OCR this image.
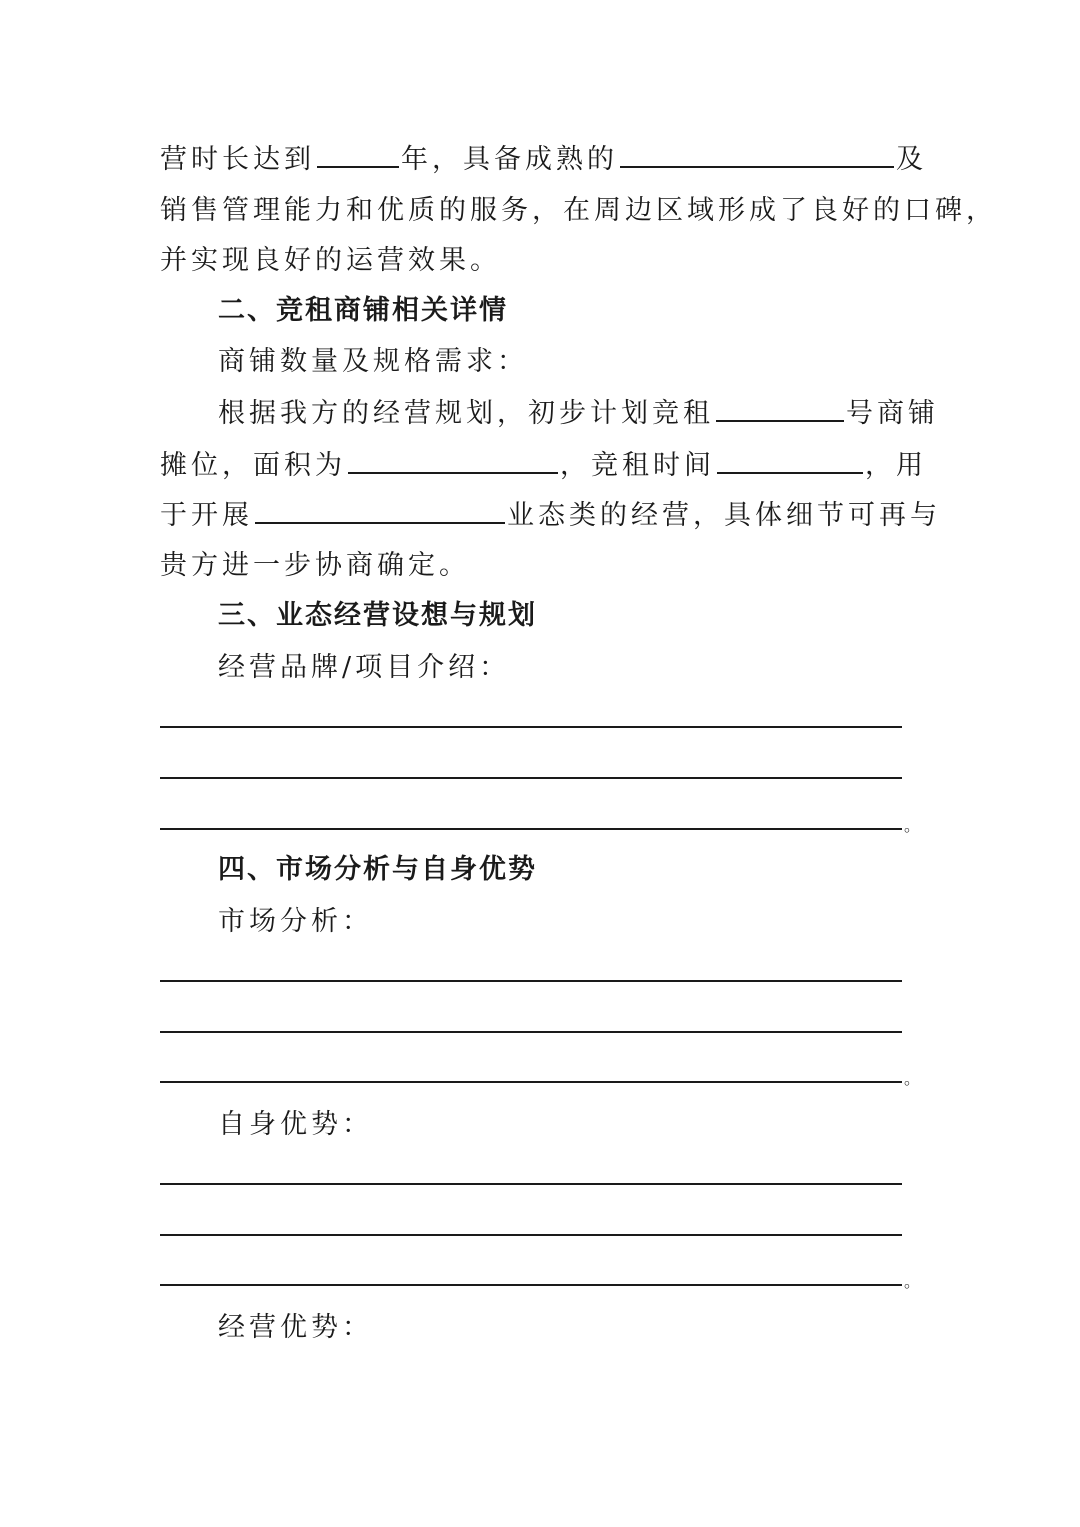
营时长达到	年，具备成熟的	及
销售管理能力和优质的服务，在周边区域形成了良好的口碑，
并实现良好的运营效果。
二、竞租商铺相关详情
商铺数量及规格需求：
根据我方的经营规划，初步计划竞租	号商铺
摊位，面积为	，竞租时间	，用
于开展	业态类的经营，具体细节可再与
贵方进一步协商确定。
三、业态经营设想与规划
经营品牌/项目介绍：
。
四、市场分析与自身优势
市场分析：
。
自身优势：
。
经营优势：
